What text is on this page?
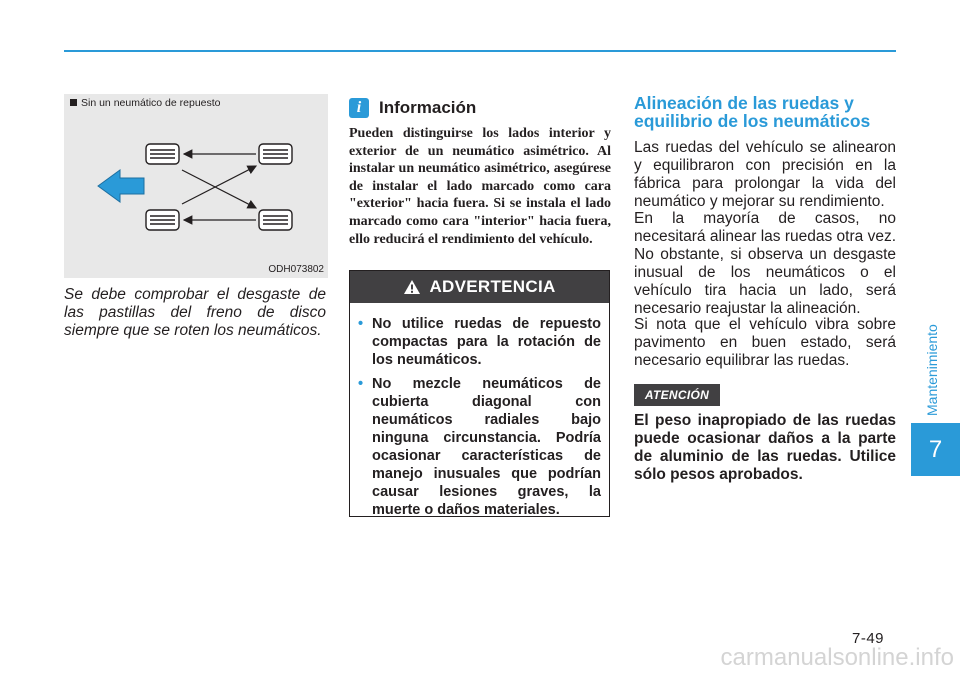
Sin un neumático de repuesto
ODH073802
Se debe comprobar el desgaste de las pastillas del freno de disco siempre que se roten los neumáticos.
i	Información
Pueden distinguirse los lados interior y exterior de un neumático asimétrico. Al instalar un neumático asimétrico, asegúrese de instalar el lado marcado como cara "exterior" hacia fuera. Si se instala el lado marcado como cara "interior" hacia fuera, ello reducirá el rendimiento del vehículo.
ADVERTENCIA
• No utilice ruedas de repuesto compactas para la rotación de los neumáticos.
• No mezcle neumáticos de cubierta diagonal con neumáticos radiales bajo ninguna circunstancia. Podría ocasionar características de manejo inusuales que podrían causar lesiones graves, la muerte o daños materiales.
Alineación de las ruedas y equilibrio de los neumáticos
Las ruedas del vehículo se alinearon y equilibraron con precisión en la fábrica para prolongar la vida del neumático y mejorar su rendimiento.
En la mayoría de casos, no necesitará alinear las ruedas otra vez. No obstante, si observa un desgaste inusual de los neumáticos o el vehículo tira hacia un lado, será necesario reajustar la alineación.
Si nota que el vehículo vibra sobre pavimento en buen estado, será necesario equilibrar las ruedas.
ATENCIÓN
El peso inapropiado de las ruedas puede ocasionar daños a la parte de aluminio de las ruedas. Utilice sólo pesos aprobados.
Mantenimiento
7
7-49
carmanualsonline.info
